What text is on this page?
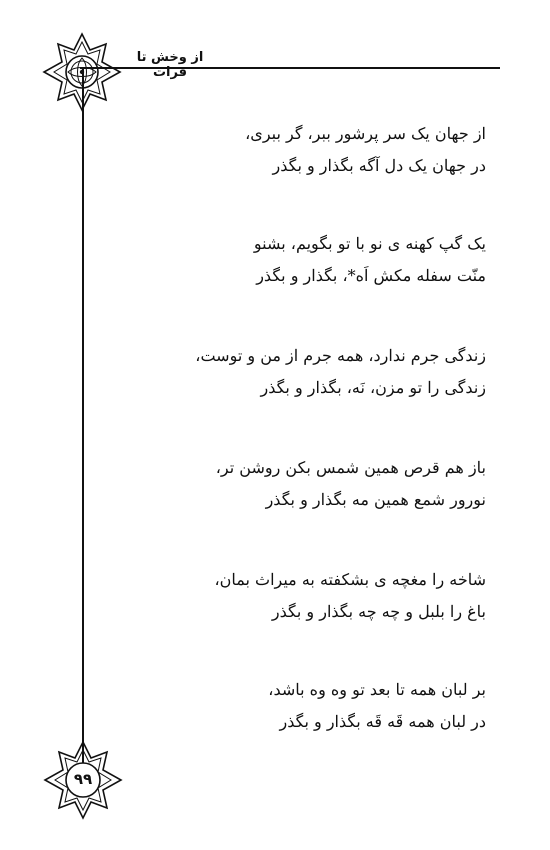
از وخش تا فرات
از جهان یک سر پرشور ببر، گر ببری،
در جهان یک دل آگه بگذار و بگذر
یک گپ کهنه ی نو با تو بگویم، بشنو
منّت سفله مکش اَه*، بگذار و بگذر
زندگی جرم ندارد، همه جرم از من و توست،
زندگی را تو مزن، نَه، بگذار و بگذر
باز هم قرص همین شمس بکن روشن تر،
نورور شمع همین مه بگذار و بگذر
شاخه را مغچه ی بشکفته به میراث بمان،
باغ را بلبل و چه چه بگذار و بگذر
بر لبان همه تا بعد تو وه وه باشد،
در لبان همه قَه قَه بگذار و بگذر
۹۹
